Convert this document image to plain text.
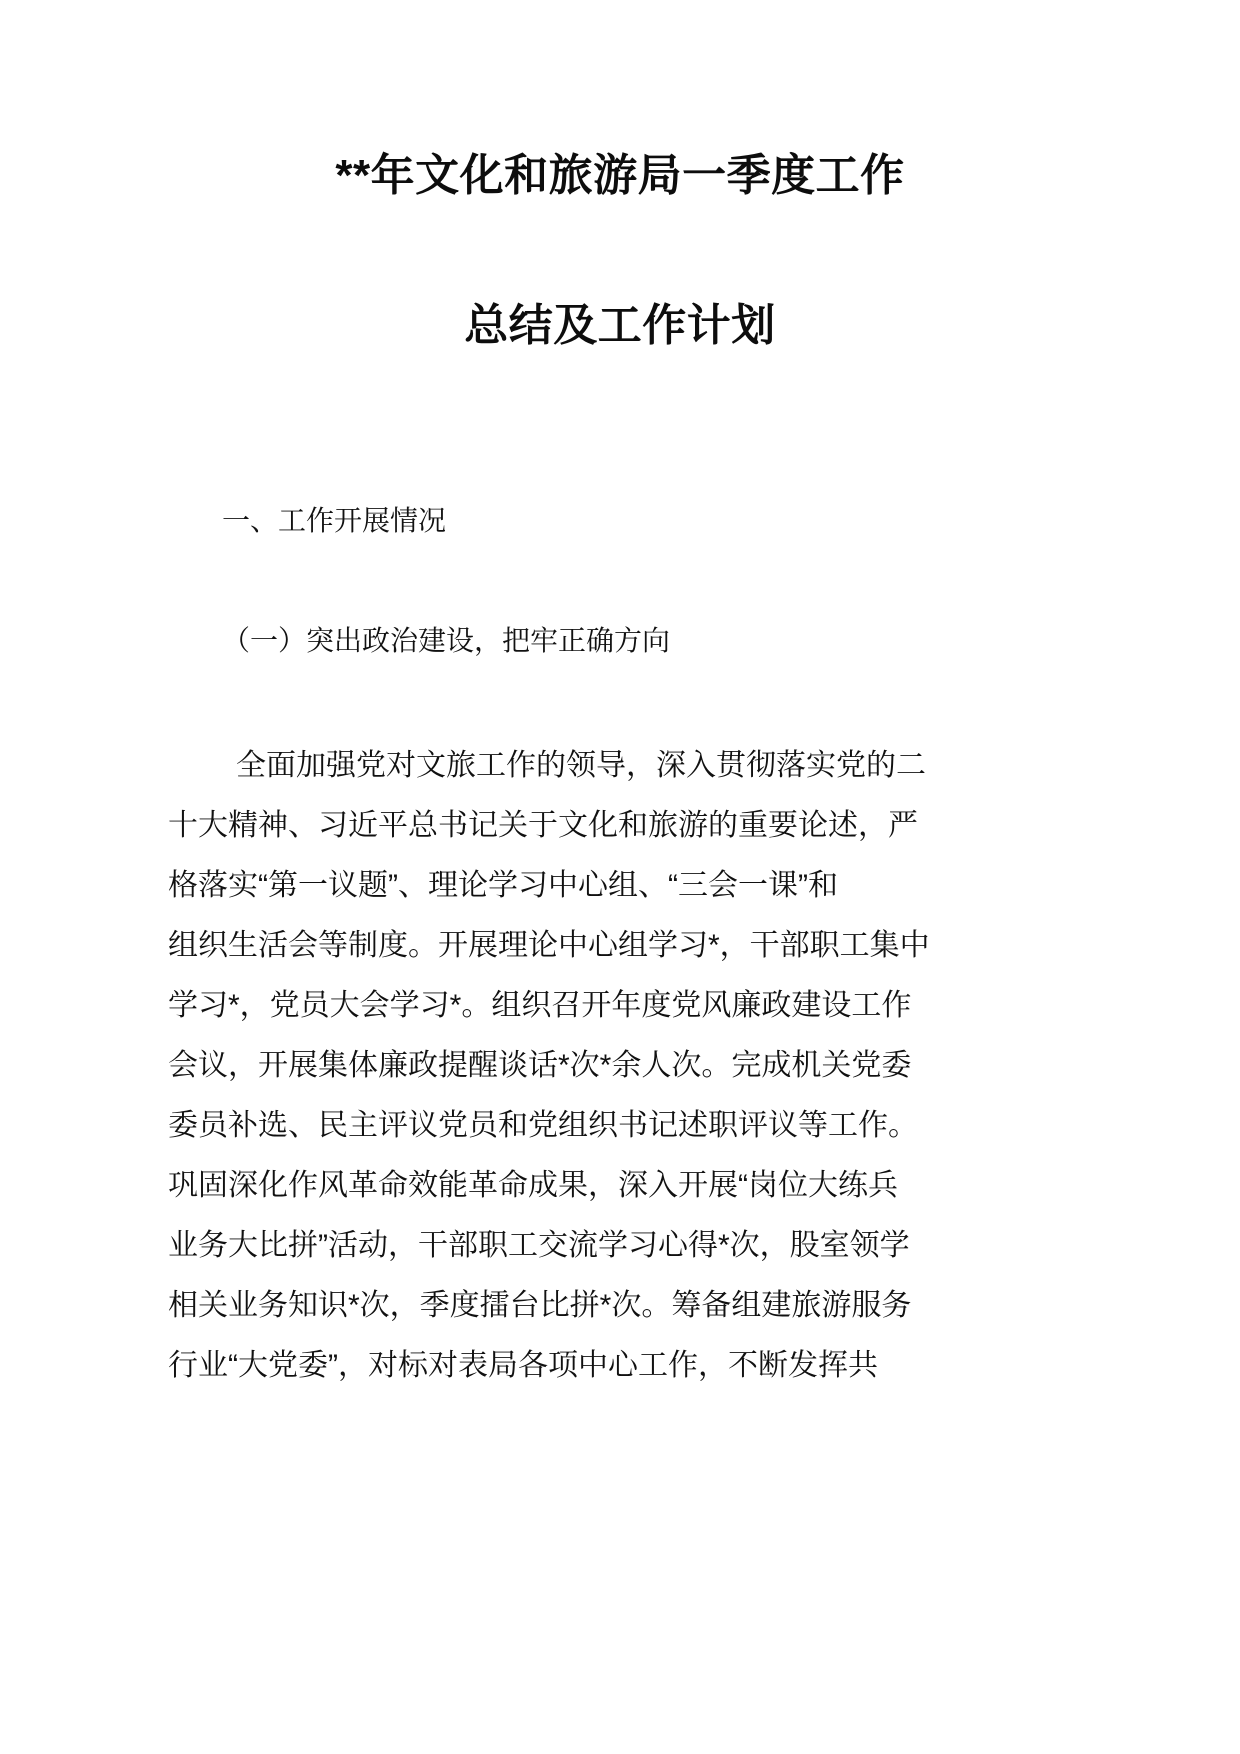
**年文化和旅游局一季度工作
总结及工作计划

一、工作开展情况

（一）突出政治建设，把牢正确方向

全面加强党对文旅工作的领导，深入贯彻落实党的二
十大精神、习近平总书记关于文化和旅游的重要论述，严
格落实“第一议题”、理论学习中心组、“三会一课”和
组织生活会等制度。开展理论中心组学习*，干部职工集中
学习*，党员大会学习*。组织召开年度党风廉政建设工作
会议，开展集体廉政提醒谈话*次*余人次。完成机关党委
委员补选、民主评议党员和党组织书记述职评议等工作。
巩固深化作风革命效能革命成果，深入开展“岗位大练兵
业务大比拼”活动，干部职工交流学习心得*次，股室领学
相关业务知识*次，季度擂台比拼*次。筹备组建旅游服务
行业“大党委”，对标对表局各项中心工作，不断发挥共
